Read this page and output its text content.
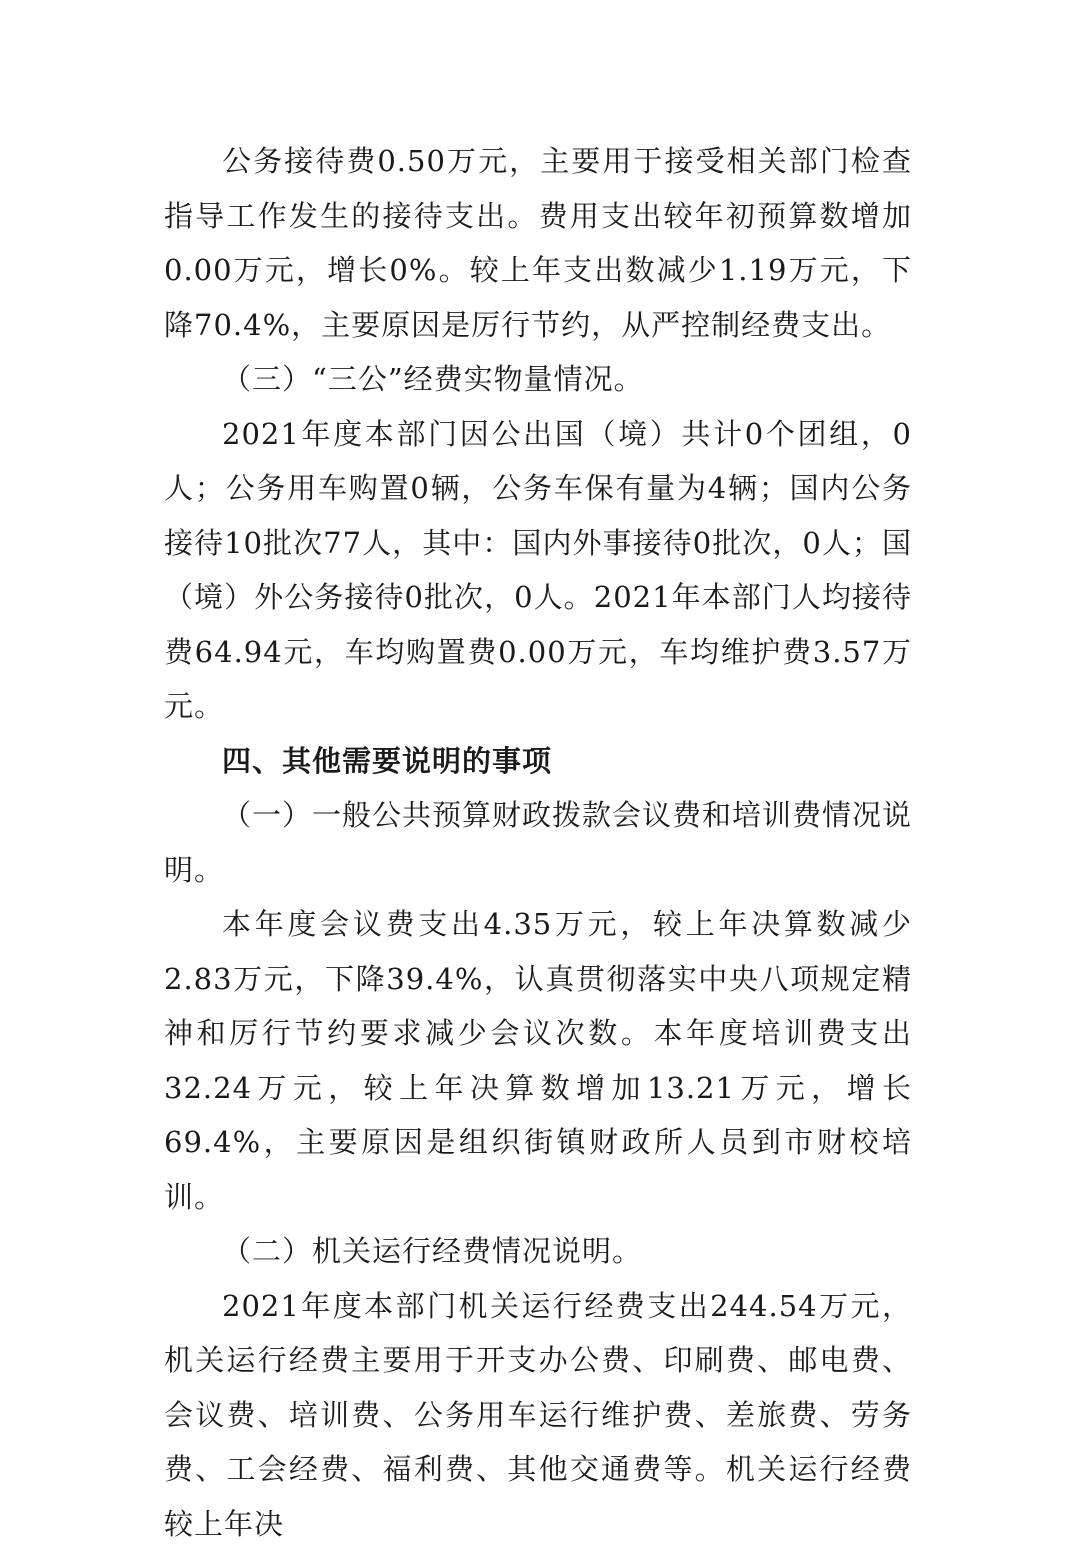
公务接待费0.50万元，主要用于接受相关部门检查指导工作发生的接待支出。费用支出较年初预算数增加0.00万元，增长0%。较上年支出数减少1.19万元，下降70.4%，主要原因是厉行节约，从严控制经费支出。

（三）“三公”经费实物量情况。

2021年度本部门因公出国（境）共计0个团组，0人；公务用车购置0辆，公务车保有量为4辆；国内公务接待10批次77人，其中：国内外事接待0批次，0人；国（境）外公务接待0批次，0人。2021年本部门人均接待费64.94元，车均购置费0.00万元，车均维护费3.57万元。

四、其他需要说明的事项

（一）一般公共预算财政拨款会议费和培训费情况说明。

本年度会议费支出4.35万元，较上年决算数减少2.83万元，下降39.4%，认真贯彻落实中央八项规定精神和厉行节约要求减少会议次数。本年度培训费支出32.24万元，较上年决算数增加13.21万元，增长69.4%，主要原因是组织街镇财政所人员到市财校培训。

（二）机关运行经费情况说明。

2021年度本部门机关运行经费支出244.54万元，机关运行经费主要用于开支办公费、印刷费、邮电费、会议费、培训费、公务用车运行维护费、差旅费、劳务费、工会经费、福利费、其他交通费等。机关运行经费较上年决
